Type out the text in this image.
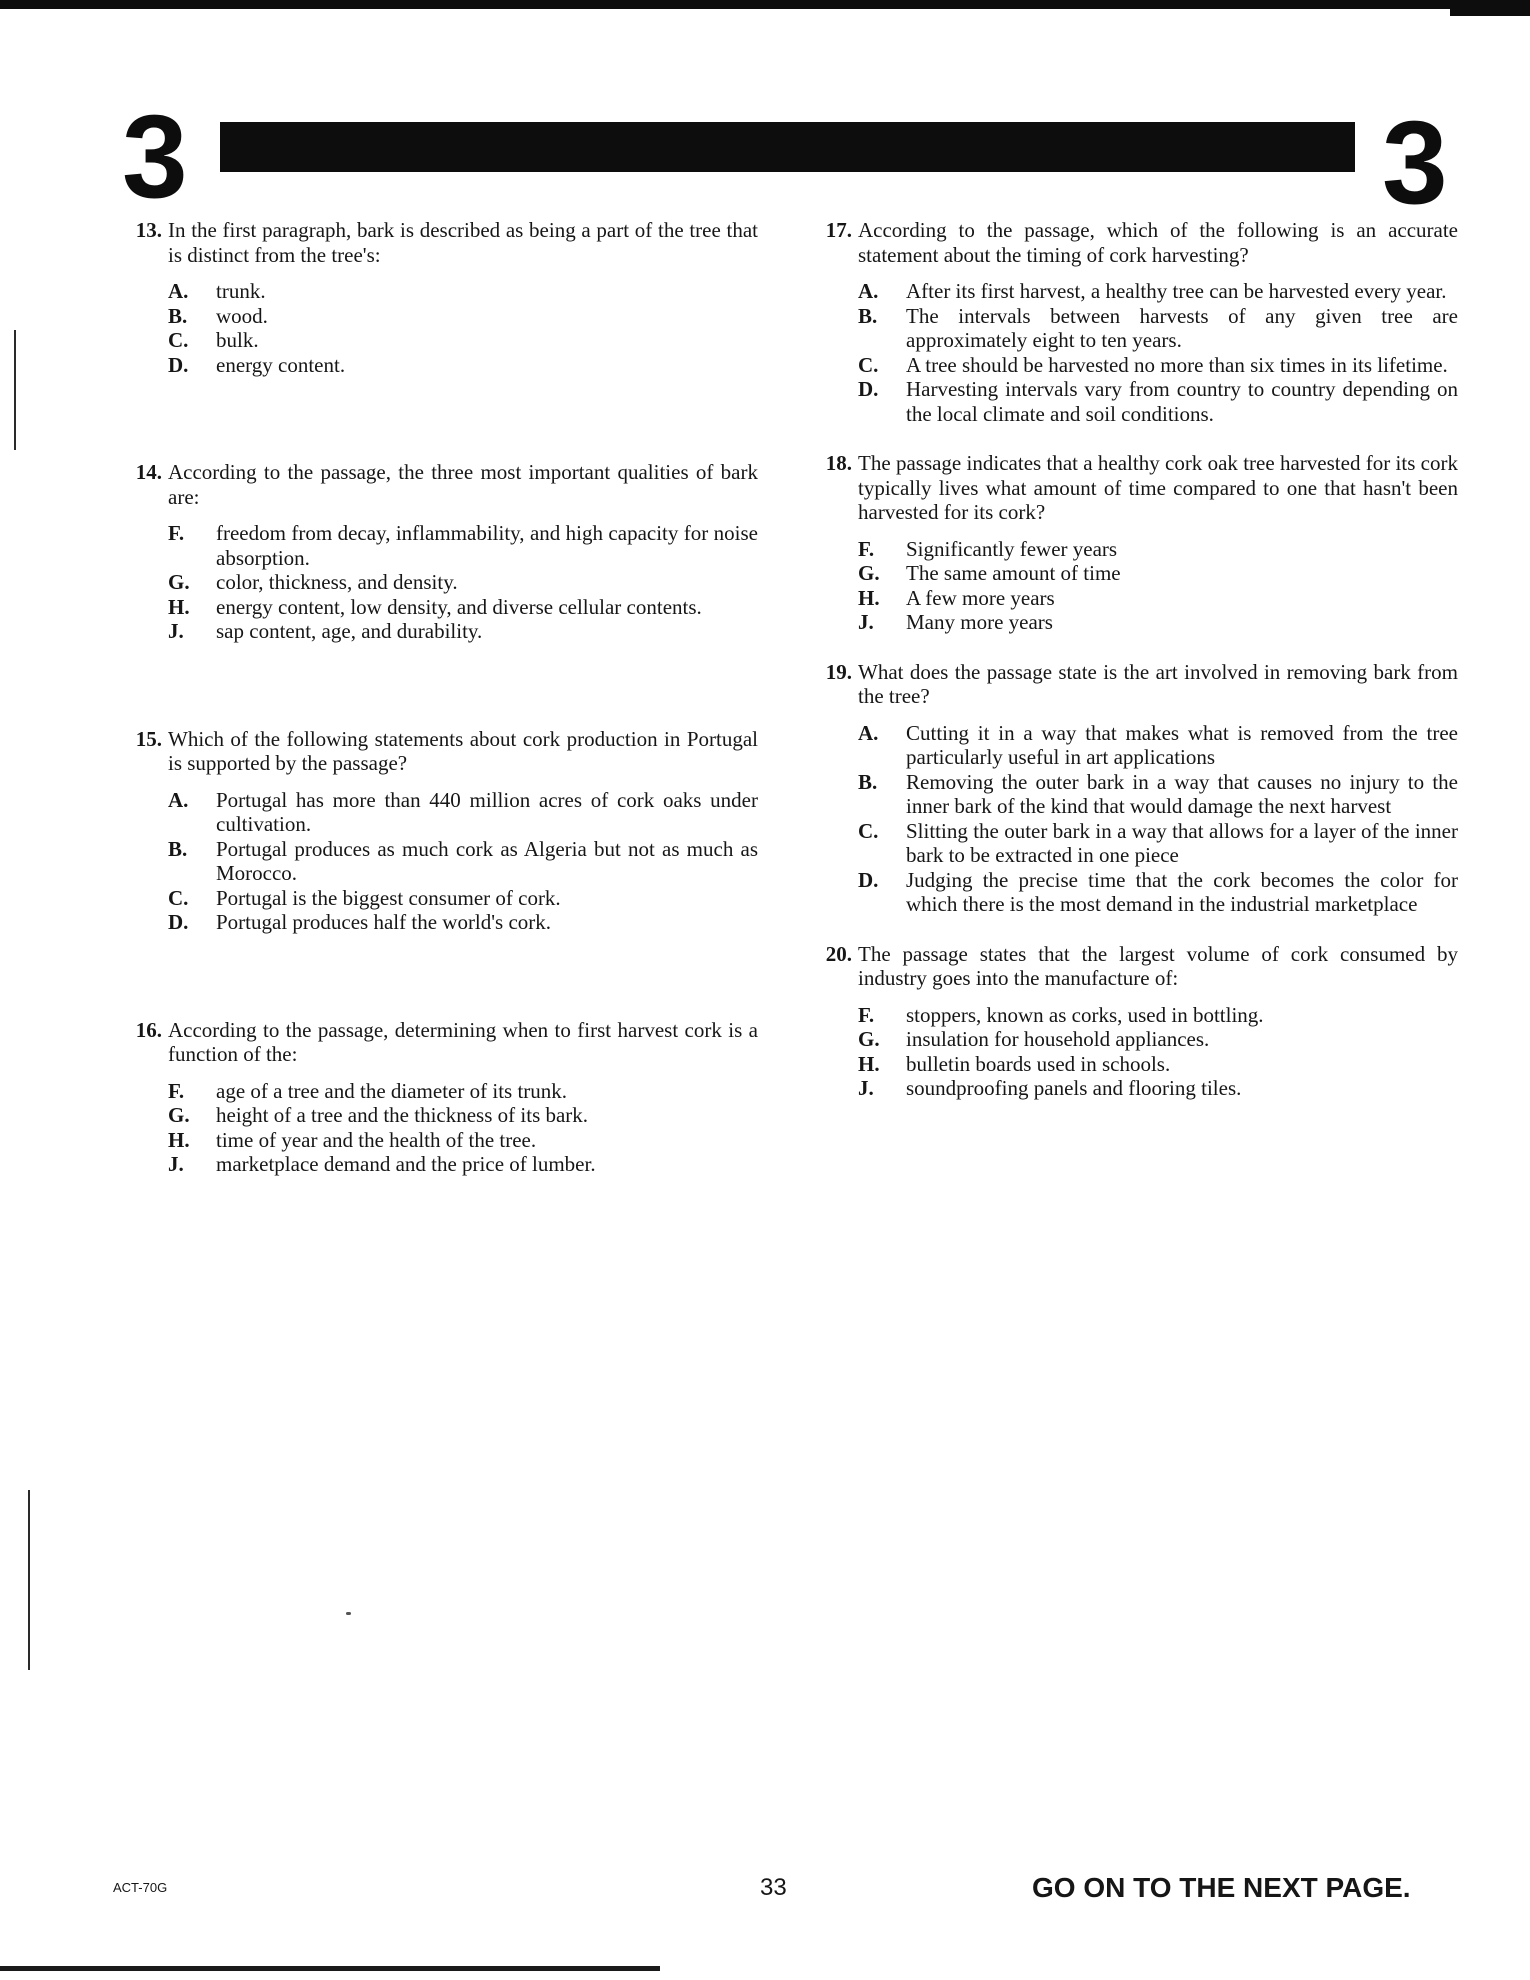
3	3
13. In the first paragraph, bark is described as being a part of the tree that is distinct from the tree's:
A.	trunk.
B.	wood.
C.	bulk.
D.	energy content.
14. According to the passage, the three most important qualities of bark are:
F.	freedom from decay, inflammability, and high capacity for noise absorption.
G.	color, thickness, and density.
H.	energy content, low density, and diverse cellular contents.
J.	sap content, age, and durability.
15. Which of the following statements about cork production in Portugal is supported by the passage?
A.	Portugal has more than 440 million acres of cork oaks under cultivation.
B.	Portugal produces as much cork as Algeria but not as much as Morocco.
C.	Portugal is the biggest consumer of cork.
D.	Portugal produces half the world's cork.
16. According to the passage, determining when to first harvest cork is a function of the:
F.	age of a tree and the diameter of its trunk.
G.	height of a tree and the thickness of its bark.
H.	time of year and the health of the tree.
J.	marketplace demand and the price of lumber.
17. According to the passage, which of the following is an accurate statement about the timing of cork harvesting?
A.	After its first harvest, a healthy tree can be harvested every year.
B.	The intervals between harvests of any given tree are approximately eight to ten years.
C.	A tree should be harvested no more than six times in its lifetime.
D.	Harvesting intervals vary from country to country depending on the local climate and soil conditions.
18. The passage indicates that a healthy cork oak tree harvested for its cork typically lives what amount of time compared to one that hasn't been harvested for its cork?
F.	Significantly fewer years
G.	The same amount of time
H.	A few more years
J.	Many more years
19. What does the passage state is the art involved in removing bark from the tree?
A.	Cutting it in a way that makes what is removed from the tree particularly useful in art applications
B.	Removing the outer bark in a way that causes no injury to the inner bark of the kind that would damage the next harvest
C.	Slitting the outer bark in a way that allows for a layer of the inner bark to be extracted in one piece
D.	Judging the precise time that the cork becomes the color for which there is the most demand in the industrial marketplace
20. The passage states that the largest volume of cork consumed by industry goes into the manufacture of:
F.	stoppers, known as corks, used in bottling.
G.	insulation for household appliances.
H.	bulletin boards used in schools.
J.	soundproofing panels and flooring tiles.
ACT-70G	33	GO ON TO THE NEXT PAGE.
